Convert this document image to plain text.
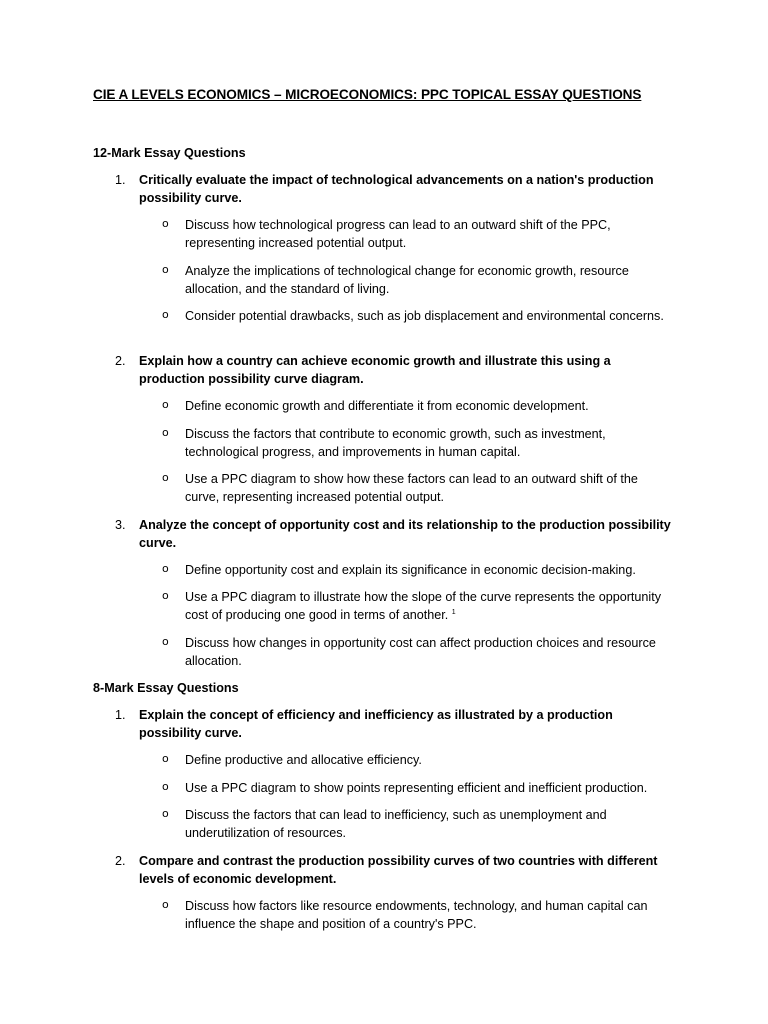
CIE A LEVELS ECONOMICS – MICROECONOMICS: PPC TOPICAL ESSAY QUESTIONS

12-Mark Essay Questions

1.	Critically evaluate the impact of technological advancements on a nation's production possibility curve.
o Discuss how technological progress can lead to an outward shift of the PPC, representing increased potential output.
o Analyze the implications of technological change for economic growth, resource allocation, and the standard of living.
o Consider potential drawbacks, such as job displacement and environmental concerns.
2.	Explain how a country can achieve economic growth and illustrate this using a production possibility curve diagram.
o Define economic growth and differentiate it from economic development.
o Discuss the factors that contribute to economic growth, such as investment, technological progress, and improvements in human capital.
o Use a PPC diagram to show how these factors can lead to an outward shift of the curve, representing increased potential output.
3.	Analyze the concept of opportunity cost and its relationship to the production possibility curve.
o Define opportunity cost and explain its significance in economic decision-making.
o Use a PPC diagram to illustrate how the slope of the curve represents the opportunity cost of producing one good in terms of another. $^1$
o Discuss how changes in opportunity cost can affect production choices and resource allocation.

8-Mark Essay Questions

1.	Explain the concept of efficiency and inefficiency as illustrated by a production possibility curve.
o Define productive and allocative efficiency.
o Use a PPC diagram to show points representing efficient and inefficient production.
o Discuss the factors that can lead to inefficiency, such as unemployment and underutilization of resources.
2.	Compare and contrast the production possibility curves of two countries with different levels of economic development.
o Discuss how factors like resource endowments, technology, and human capital can influence the shape and position of a country's PPC.
